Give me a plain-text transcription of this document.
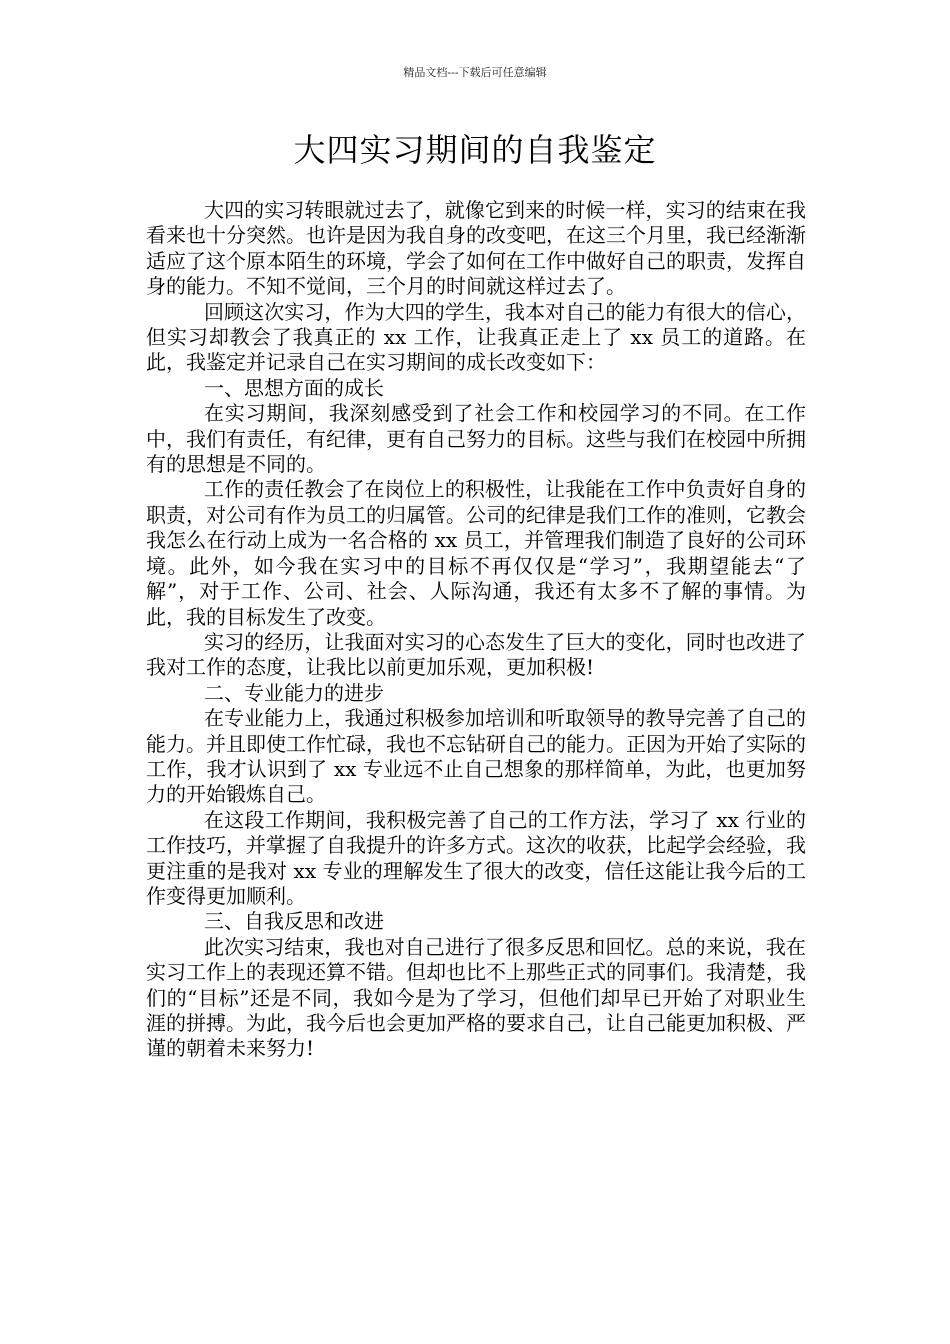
精品文档---下载后可任意编辑
大四实习期间的自我鉴定

大四的实习转眼就过去了，就像它到来的时候一样，实习的结束在我看来也十分突然。也许是因为我自身的改变吧，在这三个月里，我已经渐渐适应了这个原本陌生的环境，学会了如何在工作中做好自己的职责，发挥自身的能力。不知不觉间，三个月的时间就这样过去了。

回顾这次实习，作为大四的学生，我本对自己的能力有很大的信心，但实习却教会了我真正的 xx 工作，让我真正走上了 xx 员工的道路。在此，我鉴定并记录自己在实习期间的成长改变如下：

一、思想方面的成长

在实习期间，我深刻感受到了社会工作和校园学习的不同。在工作中，我们有责任，有纪律，更有自己努力的目标。这些与我们在校园中所拥有的思想是不同的。

工作的责任教会了在岗位上的积极性，让我能在工作中负责好自身的职责，对公司有作为员工的归属管。公司的纪律是我们工作的准则，它教会我怎么在行动上成为一名合格的 xx 员工，并管理我们制造了良好的公司环境。此外，如今我在实习中的目标不再仅仅是“学习”，我期望能去“了解”，对于工作、公司、社会、人际沟通，我还有太多不了解的事情。为此，我的目标发生了改变。

实习的经历，让我面对实习的心态发生了巨大的变化，同时也改进了我对工作的态度，让我比以前更加乐观，更加积极!

二、专业能力的进步

在专业能力上，我通过积极参加培训和听取领导的教导完善了自己的能力。并且即使工作忙碌，我也不忘钻研自己的能力。正因为开始了实际的工作，我才认识到了 xx 专业远不止自己想象的那样简单，为此，也更加努力的开始锻炼自己。

在这段工作期间，我积极完善了自己的工作方法，学习了 xx 行业的工作技巧，并掌握了自我提升的许多方式。这次的收获，比起学会经验，我更注重的是我对 xx 专业的理解发生了很大的改变，信任这能让我今后的工作变得更加顺利。

三、自我反思和改进

此次实习结束，我也对自己进行了很多反思和回忆。总的来说，我在实习工作上的表现还算不错。但却也比不上那些正式的同事们。我清楚，我们的“目标”还是不同，我如今是为了学习，但他们却早已开始了对职业生涯的拼搏。为此，我今后也会更加严格的要求自己，让自己能更加积极、严谨的朝着未来努力!
